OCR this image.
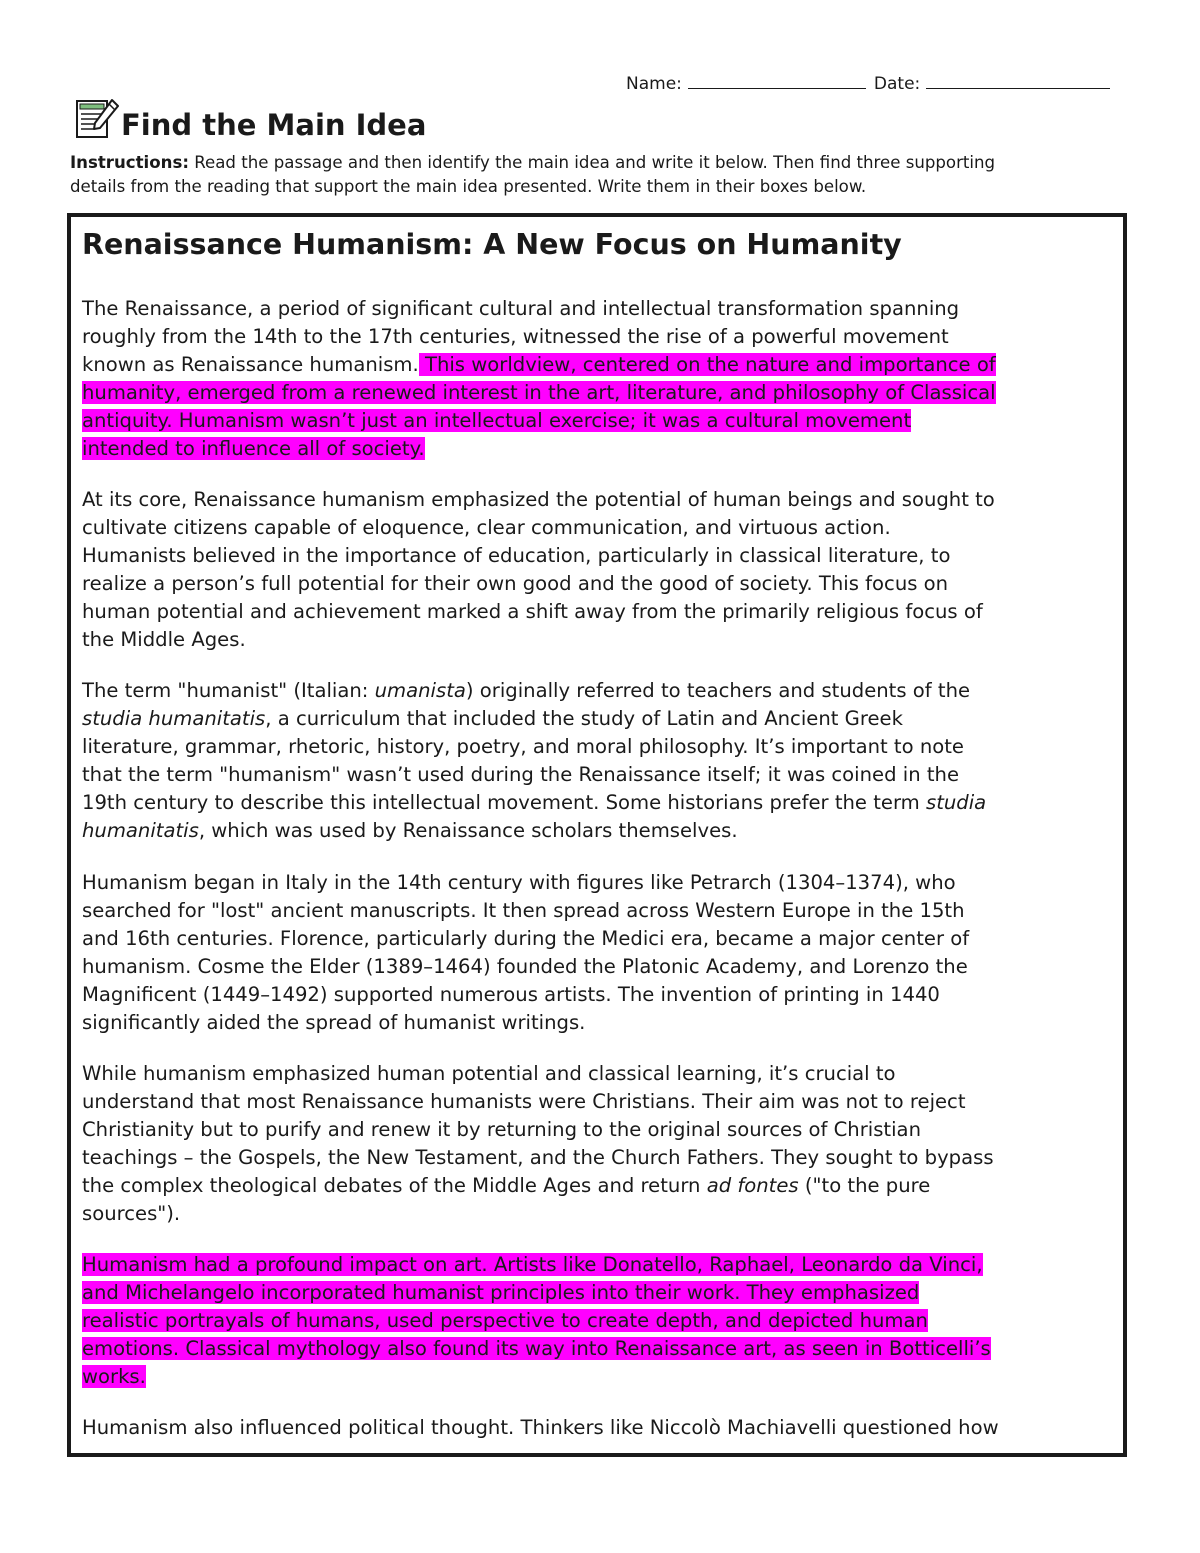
Name:	Date:
Find the Main Idea

Instructions: Read the passage and then identify the main idea and write it below. Then find three supporting
details from the reading that support the main idea presented. Write them in their boxes below.

Renaissance Humanism: A New Focus on Humanity

The Renaissance, a period of significant cultural and intellectual transformation spanning
roughly from the 14th to the 17th centuries, witnessed the rise of a powerful movement
known as Renaissance humanism. This worldview, centered on the nature and importance of
humanity, emerged from a renewed interest in the art, literature, and philosophy of Classical
antiquity. Humanism wasn’t just an intellectual exercise; it was a cultural movement
intended to influence all of society.

At its core, Renaissance humanism emphasized the potential of human beings and sought to
cultivate citizens capable of eloquence, clear communication, and virtuous action.
Humanists believed in the importance of education, particularly in classical literature, to
realize a person’s full potential for their own good and the good of society. This focus on
human potential and achievement marked a shift away from the primarily religious focus of
the Middle Ages.

The term "humanist" (Italian: umanista) originally referred to teachers and students of the
studia humanitatis, a curriculum that included the study of Latin and Ancient Greek
literature, grammar, rhetoric, history, poetry, and moral philosophy. It’s important to note
that the term "humanism" wasn’t used during the Renaissance itself; it was coined in the
19th century to describe this intellectual movement. Some historians prefer the term studia
humanitatis, which was used by Renaissance scholars themselves.

Humanism began in Italy in the 14th century with figures like Petrarch (1304–1374), who
searched for "lost" ancient manuscripts. It then spread across Western Europe in the 15th
and 16th centuries. Florence, particularly during the Medici era, became a major center of
humanism. Cosme the Elder (1389–1464) founded the Platonic Academy, and Lorenzo the
Magnificent (1449–1492) supported numerous artists. The invention of printing in 1440
significantly aided the spread of humanist writings.

While humanism emphasized human potential and classical learning, it’s crucial to
understand that most Renaissance humanists were Christians. Their aim was not to reject
Christianity but to purify and renew it by returning to the original sources of Christian
teachings – the Gospels, the New Testament, and the Church Fathers. They sought to bypass
the complex theological debates of the Middle Ages and return ad fontes ("to the pure
sources").

Humanism had a profound impact on art. Artists like Donatello, Raphael, Leonardo da Vinci,
and Michelangelo incorporated humanist principles into their work. They emphasized
realistic portrayals of humans, used perspective to create depth, and depicted human
emotions. Classical mythology also found its way into Renaissance art, as seen in Botticelli’s
works.

Humanism also influenced political thought. Thinkers like Niccolò Machiavelli questioned how
